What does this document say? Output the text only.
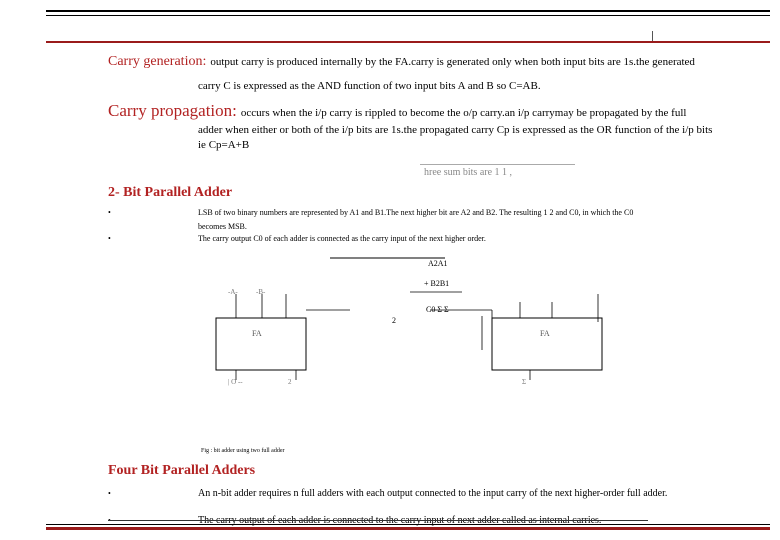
Carry generation: output carry is produced internally by the FA.carry is generated only when both input bits are 1s.the generated
carry C is expressed as the AND function of two input bits A and B so C=AB.
Carry propagation: occurs when the i/p carry is rippled to become the o/p carry.an i/p carrymay be propagated by the full
adder when either or both of the i/p bits are 1s.the propagated carry Cp is expressed as the OR function of the i/p bits
ie Cp=A+B
hree sum bits are 1 1 ,
2- Bit Parallel Adder
•	LSB of two binary numbers are represented by A1 and B1.The next higher bit are A2 and B2. The resulting 1 2 and C0, in which the C0
becomes MSB.
•	The carry output C0 of each adder is connected as the carry input of the next higher order.
A2A1
+ B2B1
C0 Σ Σ
2
FA	FA
-A-	-B-
| O --	2	Σ
Fig : bit adder using two full adder
Four Bit Parallel Adders
•	An n-bit adder requires n full adders with each output connected to the input carry of the next higher-order full adder.
